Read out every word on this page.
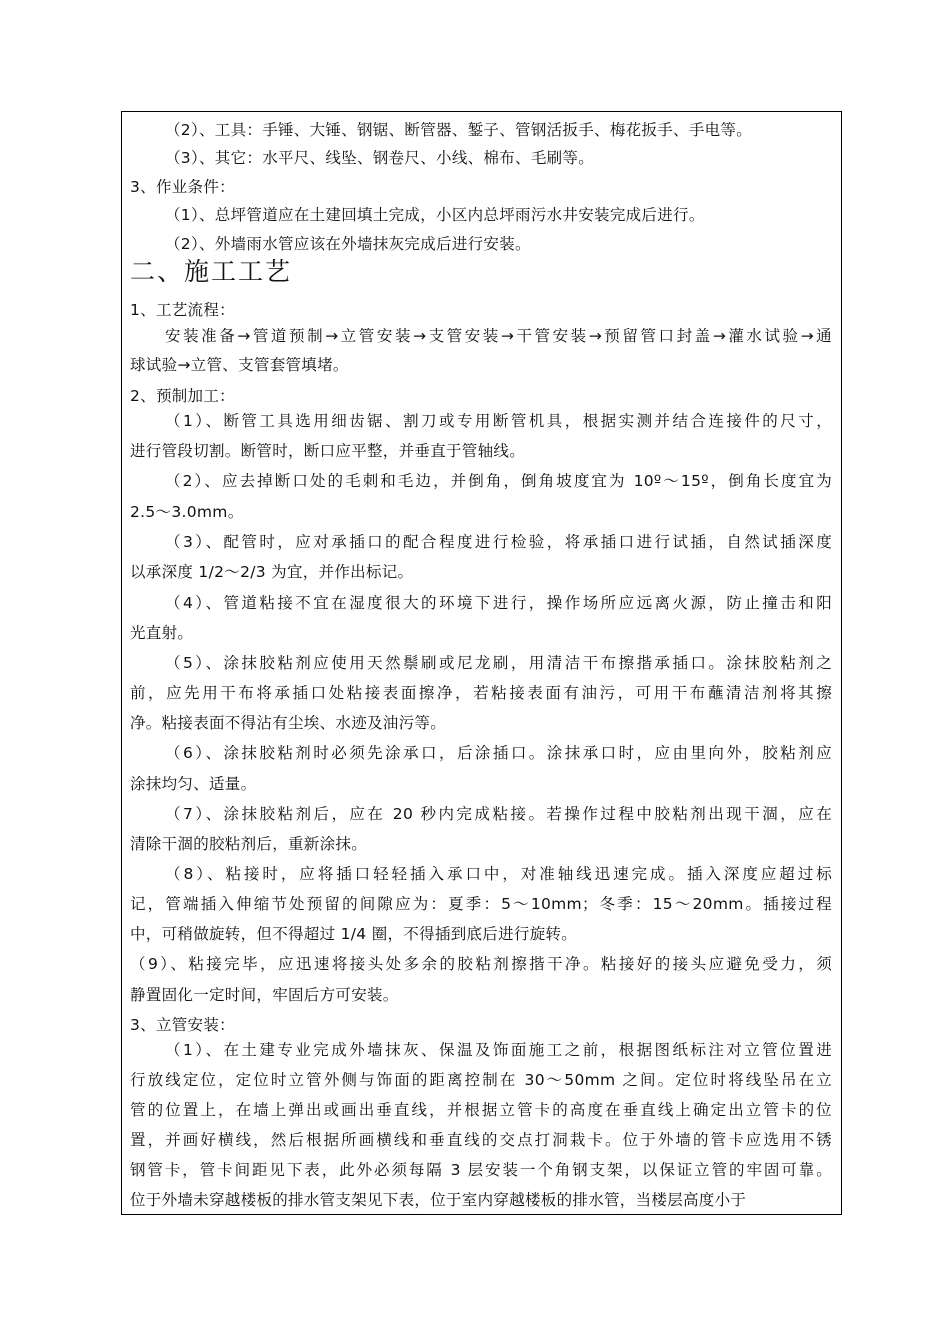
（2）、工具：手锤、大锤、钢锯、断管器、錾子、管钢活扳手、梅花扳手、手电等。
（3）、其它：水平尺、线坠、钢卷尺、小线、棉布、毛刷等。
3、作业条件：
（1）、总坪管道应在土建回填土完成，小区内总坪雨污水井安装完成后进行。
（2）、外墙雨水管应该在外墙抹灰完成后进行安装。
二、施工工艺
1、工艺流程：
安装准备→管道预制→立管安装→支管安装→干管安装→预留管口封盖→灌水试验→通
球试验→立管、支管套管填堵。
2、预制加工：
（1）、断管工具选用细齿锯、割刀或专用断管机具，根据实测并结合连接件的尺寸，
进行管段切割。断管时，断口应平整，并垂直于管轴线。
（2）、应去掉断口处的毛刺和毛边，并倒角，倒角坡度宜为 10º～15º，倒角长度宜为
2.5～3.0mm。
（3）、配管时，应对承插口的配合程度进行检验，将承插口进行试插，自然试插深度
以承深度 1/2～2/3 为宜，并作出标记。
（4）、管道粘接不宜在湿度很大的环境下进行，操作场所应远离火源，防止撞击和阳
光直射。
（5）、涂抹胶粘剂应使用天然鬃刷或尼龙刷，用清洁干布擦揩承插口。涂抹胶粘剂之
前，应先用干布将承插口处粘接表面擦净，若粘接表面有油污，可用干布蘸清洁剂将其擦
净。粘接表面不得沾有尘埃、水迹及油污等。
（6）、涂抹胶粘剂时必须先涂承口，后涂插口。涂抹承口时，应由里向外，胶粘剂应
涂抹均匀、适量。
（7）、涂抹胶粘剂后，应在 20 秒内完成粘接。若操作过程中胶粘剂出现干涸，应在
清除干涸的胶粘剂后，重新涂抹。
（8）、粘接时，应将插口轻轻插入承口中，对准轴线迅速完成。插入深度应超过标
记，管端插入伸缩节处预留的间隙应为：夏季：5～10mm；冬季：15～20mm。插接过程
中，可稍做旋转，但不得超过 1/4 圈，不得插到底后进行旋转。
（9）、粘接完毕，应迅速将接头处多余的胶粘剂擦揩干净。粘接好的接头应避免受力，须
静置固化一定时间，牢固后方可安装。
3、立管安装：
（1）、在土建专业完成外墙抹灰、保温及饰面施工之前，根据图纸标注对立管位置进
行放线定位，定位时立管外侧与饰面的距离控制在 30～50mm 之间。定位时将线坠吊在立
管的位置上，在墙上弹出或画出垂直线，并根据立管卡的高度在垂直线上确定出立管卡的位
置，并画好横线，然后根据所画横线和垂直线的交点打洞栽卡。位于外墙的管卡应选用不锈
钢管卡，管卡间距见下表，此外必须每隔 3 层安装一个角钢支架，以保证立管的牢固可靠。
位于外墙未穿越楼板的排水管支架见下表，位于室内穿越楼板的排水管，当楼层高度小于
